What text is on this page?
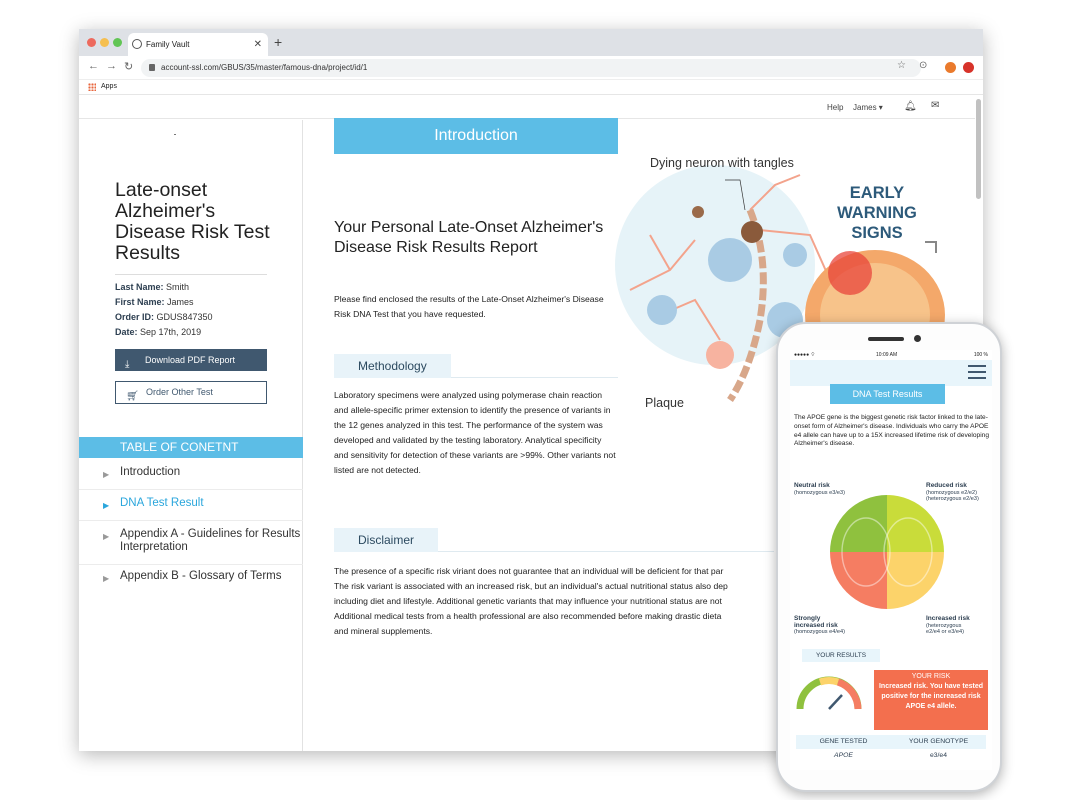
Family Vault	✕ +
← → ↻	account-ssl.com/GBUS/35/master/famous-dna/project/id/1	☆ ⊙
Apps
Help James ▾ 🔔︎ ✉
Late-onset Alzheimer's Disease Risk Test Results
Last Name: Smith
First Name: James
Order ID: GDUS847350
Date: Sep 17th, 2019
⤓ Download PDF Report
🛒︎ Order Other Test
TABLE OF CONETNT
▶ Introduction
▶ DNA Test Result
▶ Appendix A - Guidelines for Results Interpretation
▶ Appendix B - Glossary of Terms
Introduction
Your Personal Late-Onset Alzheimer's Disease Risk Results Report
Please find enclosed the results of the Late-Onset Alzheimer's Disease Risk DNA Test that you have requested.
Methodology
Laboratory specimens were analyzed using polymerase chain reaction and allele-specific primer extension to identify the presence of variants in the 12 genes analyzed in this test. The performance of the system was developed and validated by the testing laboratory. Analytical specificity and sensitivity for detection of these variants are >99%. Other variants not listed are not detected.
Disclaimer
The presence of a specific risk viriant does not guarantee that an individual will be deficient for that par
The risk variant is associated with an increased risk, but an individual's actual nutritional status also dep
including diet and lifestyle. Additional genetic variants that may influence your nutritional status are not
Additional medical tests from a health professional are also recommended before making drastic dieta
and mineral supplements.
Dying neuron with tangles
Plaque
EARLY
WARNING
SIGNS
●●●●● ⌔	10:09 AM	100 %
DNA Test Results
The APOE gene is the biggest genetic risk factor linked to the late-onset form of Alzheimer's disease. Individuals who carry the APOE e4 allele can have up to a 15X increased lifetime risk of developing Alzheimer's disease.
Neutral risk
(homozygous e3/e3)
Reduced risk
(homozygous e2/e2)
(heterozygous e2/e3)
Strongly
increased risk
(homozygous e4/e4)
Increased risk
(heterozygous
e2/e4 or e3/e4)
YOUR RESULTS
YOUR RISK
Increased risk. You have tested positive for the increased risk APOE e4 allele.
GENE TESTED	YOUR GENOTYPE
APOE	e3/e4
